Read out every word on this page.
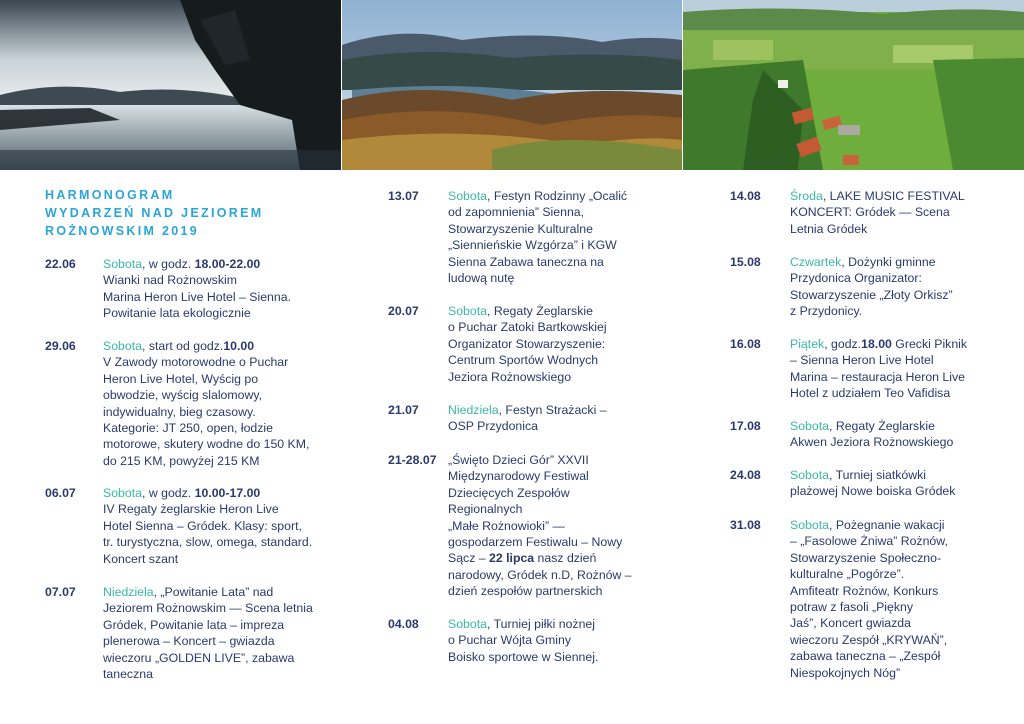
HARMONOGRAM
WYDARZEŃ NAD JEZIOREM
ROŻNOWSKIM 2019
22.06 Sobota, w godz. 18.00-22.00
Wianki nad Rożnowskim
Marina Heron Live Hotel – Sienna.
Powitanie lata ekologicznie
29.06 Sobota, start od godz.10.00
V Zawody motorowodne o Puchar
Heron Live Hotel, Wyścig po
obwodzie, wyścig slalomowy,
indywidualny, bieg czasowy.
Kategorie: JT 250, open, łodzie
motorowe, skutery wodne do 150 KM,
do 215 KM, powyżej 215 KM
06.07 Sobota, w godz. 10.00-17.00
IV Regaty żeglarskie Heron Live
Hotel Sienna – Gródek. Klasy: sport,
tr. turystyczna, slow, omega, standard.
Koncert szant
07.07 Niedziela, „Powitanie Lata” nad
Jeziorem Rożnowskim — Scena letnia
Gródek, Powitanie lata – impreza
plenerowa – Koncert – gwiazda
wieczoru „GOLDEN LIVE”, zabawa
taneczna
13.07 Sobota, Festyn Rodzinny „Ocalić
od zapomnienia” Sienna,
Stowarzyszenie Kulturalne
„Siennieńskie Wzgórza” i KGW
Sienna Zabawa taneczna na
ludową nutę
20.07 Sobota, Regaty Żeglarskie
o Puchar Zatoki Bartkowskiej
Organizator Stowarzyszenie:
Centrum Sportów Wodnych
Jeziora Rożnowskiego
21.07 Niedziela, Festyn Strażacki –
OSP Przydonica
21-28.07 „Święto Dzieci Gór” XXVII
Międzynarodowy Festiwal
Dziecięcych Zespołów
Regionalnych
„Małe Rożnowioki” —
gospodarzem Festiwalu – Nowy
Sącz – 22 lipca nasz dzień
narodowy, Gródek n.D, Rożnów –
dzień zespołów partnerskich
04.08 Sobota, Turniej piłki nożnej
o Puchar Wójta Gminy
Boisko sportowe w Siennej.
14.08 Środa, LAKE MUSIC FESTIVAL
KONCERT: Gródek — Scena
Letnia Gródek
15.08 Czwartek, Dożynki gminne
Przydonica Organizator:
Stowarzyszenie „Złoty Orkisz”
z Przydonicy.
16.08 Piątek, godz.18.00 Grecki Piknik
– Sienna Heron Live Hotel
Marina – restauracja Heron Live
Hotel z udziałem Teo Vafidisa
17.08 Sobota, Regaty Żeglarskie
Akwen Jeziora Rożnowskiego
24.08 Sobota, Turniej siatkówki
plażowej Nowe boiska Gródek
31.08 Sobota, Pożegnanie wakacji
– „Fasolowe Żniwa” Rożnów,
Stowarzyszenie Społeczno-
kulturalne „Pogórze”.
Amfiteatr Rożnów, Konkurs
potraw z fasoli „Piękny
Jaś”, Koncert gwiazda
wieczoru Zespół „KRYWAŃ”,
zabawa taneczna – „Zespół
Niespokojnych Nóg”
